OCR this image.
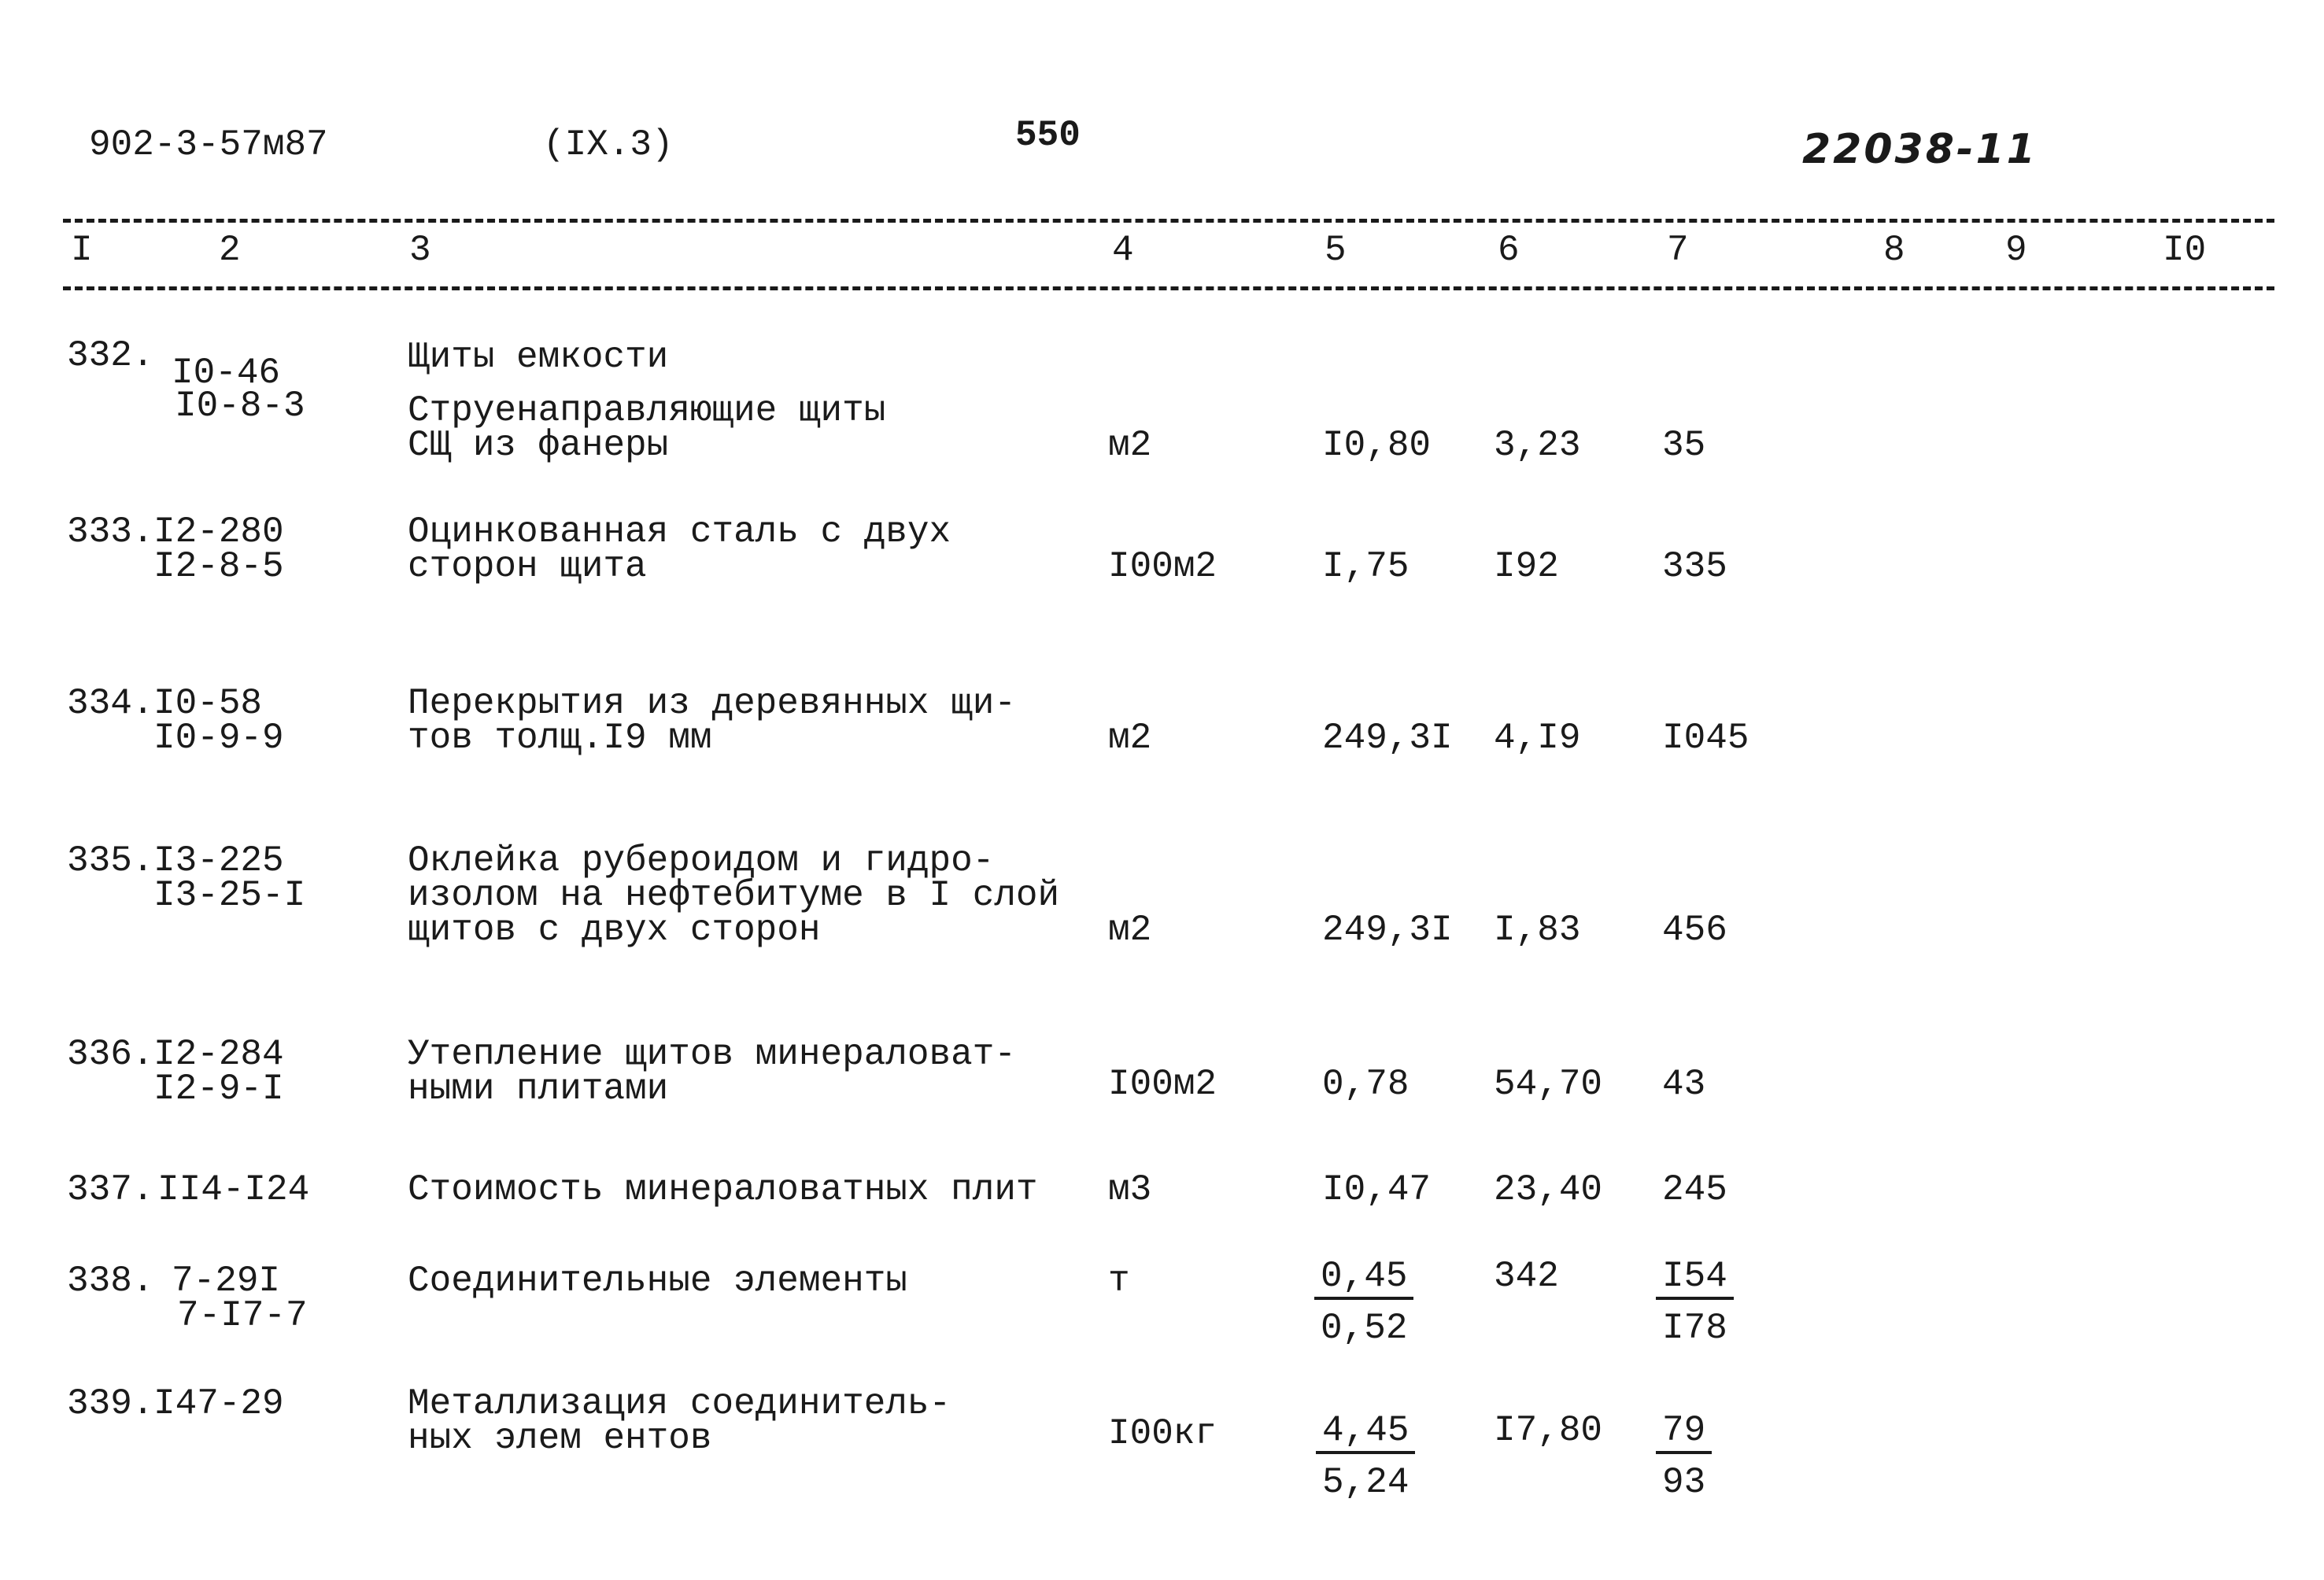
902-3-57м87	(IX.3)	550	22038-11
I	2	3	4	5	6	7	8	9	I0
332. I0-46
I0-8-3
Щиты емкости
Струенаправляющие щиты
СЩ из фанеры	м2	I0,80 3,23 35
333. I2-280
I2-8-5
Оцинкованная сталь с двух
сторон щита	I00м2	I,75 I92	335
334. I0-58
I0-9-9
Перекрытия из деревянных щи-
тов толщ.I9 мм	м2	249,3I 4,I9 I045
335. I3-225
I3-25-I
Оклейка рубероидом и гидро-
изолом на нефтебитуме в I слой
щитов с двух сторон	м2	249,3I I,83 456
336. I2-284
I2-9-I
Утепление щитов минераловат-
ными плитами	I00м2	0,78 54,70 43
337. II4-I24	Стоимость минераловатных плит м3	I0,47 23,40 245
338. 7-29I
7-I7-7
Соединительные элементы	т	$\frac{0,45}{0,52} 342$	$\frac{I54}{I78}$
339. I47-29	Металлизация соединитель-
ных элем ентов	I00кг	$\frac{4,45}{5,24} I7,80 \frac{79}{93}$
